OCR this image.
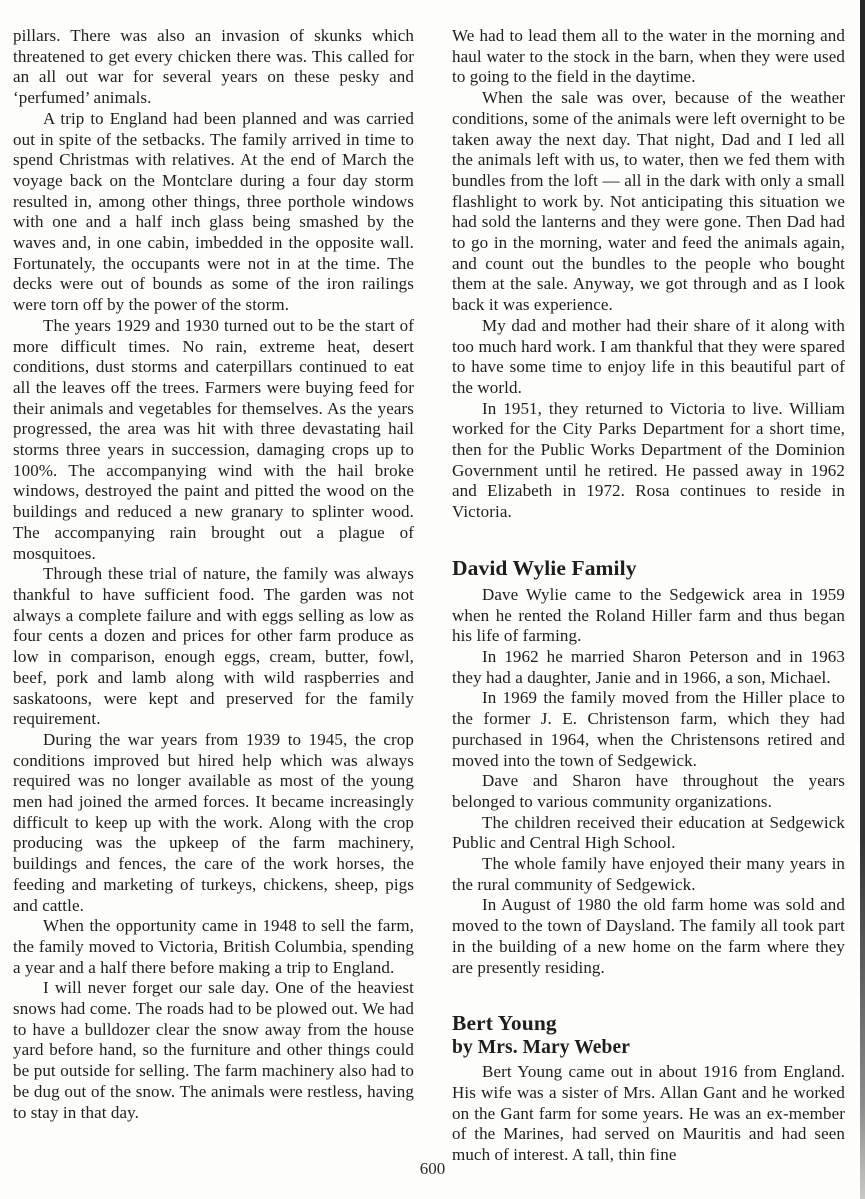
pillars. There was also an invasion of skunks which threatened to get every chicken there was. This called for an all out war for several years on these pesky and ‘perfumed’ animals.

A trip to England had been planned and was carried out in spite of the setbacks. The family arrived in time to spend Christmas with relatives. At the end of March the voyage back on the Montclare during a four day storm resulted in, among other things, three porthole windows with one and a half inch glass being smashed by the waves and, in one cabin, imbedded in the opposite wall. Fortunately, the occupants were not in at the time. The decks were out of bounds as some of the iron railings were torn off by the power of the storm.

The years 1929 and 1930 turned out to be the start of more difficult times. No rain, extreme heat, desert conditions, dust storms and caterpillars continued to eat all the leaves off the trees. Farmers were buying feed for their animals and vegetables for themselves. As the years progressed, the area was hit with three devastating hail storms three years in succession, damaging crops up to 100%. The accompanying wind with the hail broke windows, destroyed the paint and pitted the wood on the buildings and reduced a new granary to splinter wood. The accompanying rain brought out a plague of mosquitoes.

Through these trial of nature, the family was always thankful to have sufficient food. The garden was not always a complete failure and with eggs selling as low as four cents a dozen and prices for other farm produce as low in comparison, enough eggs, cream, butter, fowl, beef, pork and lamb along with wild raspberries and saskatoons, were kept and preserved for the family requirement.

During the war years from 1939 to 1945, the crop conditions improved but hired help which was always required was no longer available as most of the young men had joined the armed forces. It became increasingly difficult to keep up with the work. Along with the crop producing was the upkeep of the farm machinery, buildings and fences, the care of the work horses, the feeding and marketing of turkeys, chickens, sheep, pigs and cattle.

When the opportunity came in 1948 to sell the farm, the family moved to Victoria, British Columbia, spending a year and a half there before making a trip to England.

I will never forget our sale day. One of the heaviest snows had come. The roads had to be plowed out. We had to have a bulldozer clear the snow away from the house yard before hand, so the furniture and other things could be put outside for selling. The farm machinery also had to be dug out of the snow. The animals were restless, having to stay in that day.

We had to lead them all to the water in the morning and haul water to the stock in the barn, when they were used to going to the field in the daytime.

When the sale was over, because of the weather conditions, some of the animals were left overnight to be taken away the next day. That night, Dad and I led all the animals left with us, to water, then we fed them with bundles from the loft — all in the dark with only a small flashlight to work by. Not anticipating this situation we had sold the lanterns and they were gone. Then Dad had to go in the morning, water and feed the animals again, and count out the bundles to the people who bought them at the sale. Anyway, we got through and as I look back it was experience.

My dad and mother had their share of it along with too much hard work. I am thankful that they were spared to have some time to enjoy life in this beautiful part of the world.

In 1951, they returned to Victoria to live. William worked for the City Parks Department for a short time, then for the Public Works Department of the Dominion Government until he retired. He passed away in 1962 and Elizabeth in 1972. Rosa continues to reside in Victoria.

David Wylie Family

Dave Wylie came to the Sedgewick area in 1959 when he rented the Roland Hiller farm and thus began his life of farming.

In 1962 he married Sharon Peterson and in 1963 they had a daughter, Janie and in 1966, a son, Michael.

In 1969 the family moved from the Hiller place to the former J. E. Christenson farm, which they had purchased in 1964, when the Christensons retired and moved into the town of Sedgewick.

Dave and Sharon have throughout the years belonged to various community organizations.

The children received their education at Sedgewick Public and Central High School.

The whole family have enjoyed their many years in the rural community of Sedgewick.

In August of 1980 the old farm home was sold and moved to the town of Daysland. The family all took part in the building of a new home on the farm where they are presently residing.

Bert Young
by Mrs. Mary Weber

Bert Young came out in about 1916 from England. His wife was a sister of Mrs. Allan Gant and he worked on the Gant farm for some years. He was an ex-member of the Marines, had served on Mauritis and had seen much of interest. A tall, thin fine

600
